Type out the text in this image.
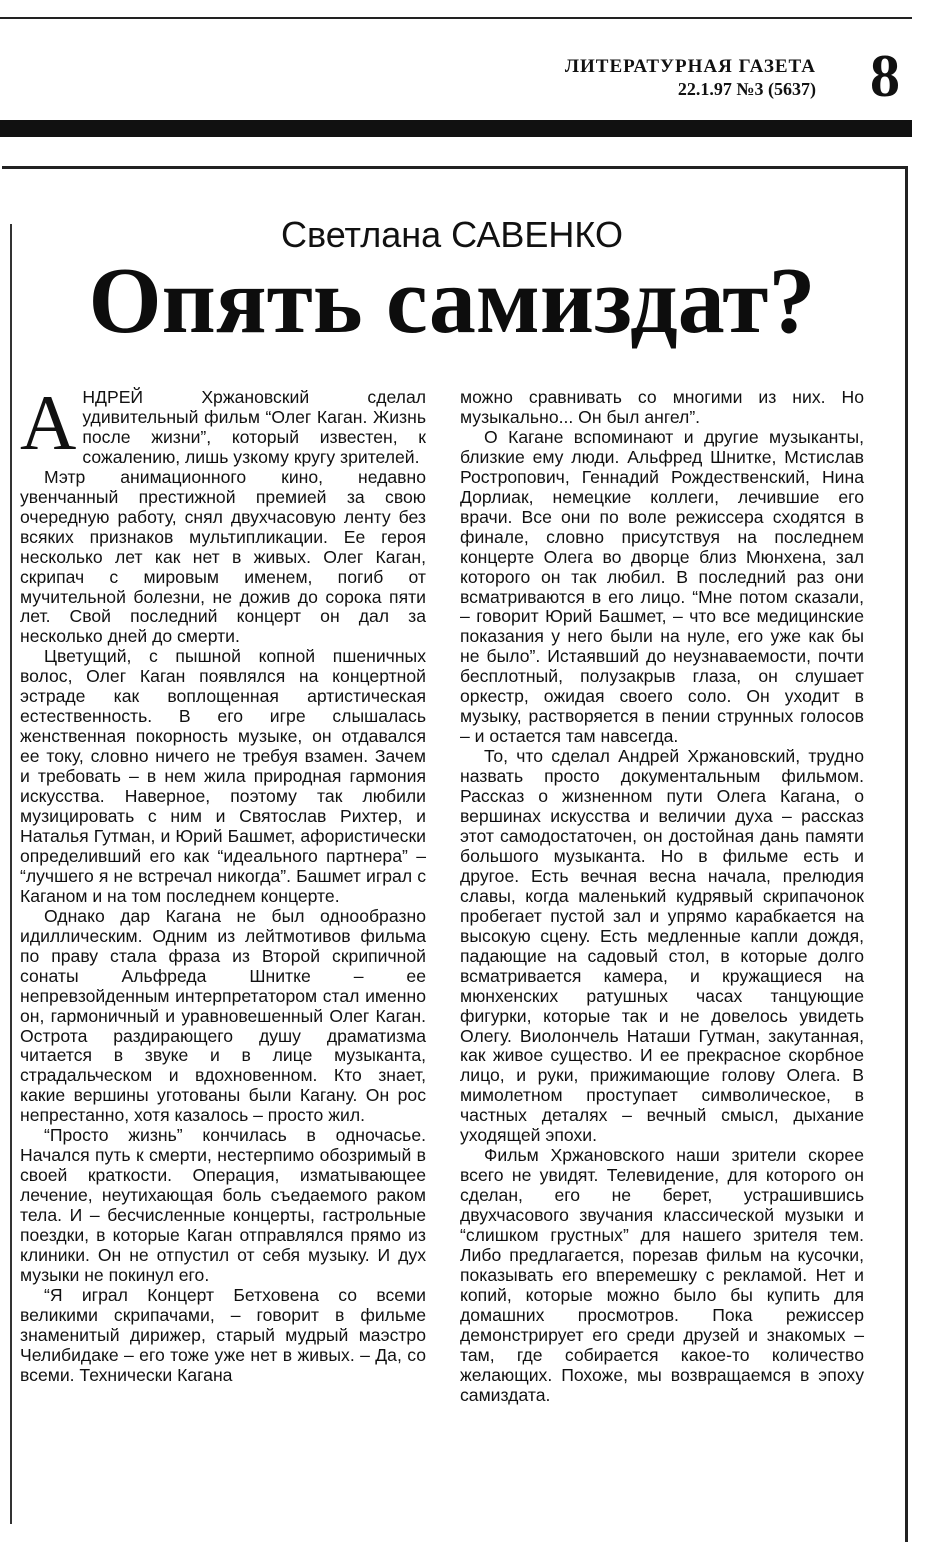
ЛИТЕРАТУРНАЯ ГАЗЕТА
22.1.97 №3 (5637) 8
Светлана САВЕНКО
Опять самиздат?

АНДРЕЙ Хржановский сделал удивительный фильм “Олег Каган. Жизнь после жизни”, который известен, к сожалению, лишь узкому кругу зрителей.

Мэтр анимационного кино, недавно увенчанный престижной премией за свою очередную работу, снял двухчасовую ленту без всяких признаков мультипликации. Ее героя несколько лет как нет в живых. Олег Каган, скрипач с мировым именем, погиб от мучительной болезни, не дожив до сорока пяти лет. Свой последний концерт он дал за несколько дней до смерти.

Цветущий, с пышной копной пшеничных волос, Олег Каган появлялся на концертной эстраде как воплощенная артистическая естественность. В его игре слышалась женственная покорность музыке, он отдавался ее току, словно ничего не требуя взамен. Зачем и требовать – в нем жила природная гармония искусства. Наверное, поэтому так любили музицировать с ним и Святослав Рихтер, и Наталья Гутман, и Юрий Башмет, афористически определивший его как “идеального партнера” – “лучшего я не встречал никогда”. Башмет играл с Каганом и на том последнем концерте.

Однако дар Кагана не был однообразно идиллическим. Одним из лейтмотивов фильма по праву стала фраза из Второй скрипичной сонаты Альфреда Шнитке – ее непревзойденным интерпретатором стал именно он, гармоничный и уравновешенный Олег Каган. Острота раздирающего душу драматизма читается в звуке и в лице музыканта, страдальческом и вдохновенном. Кто знает, какие вершины уготованы были Кагану. Он рос непрестанно, хотя казалось – просто жил.

“Просто жизнь” кончилась в одночасье. Начался путь к смерти, нестерпимо обозримый в своей краткости. Операция, изматывающее лечение, неутихающая боль съедаемого раком тела. И – бесчисленные концерты, гастрольные поездки, в которые Каган отправлялся прямо из клиники. Он не отпустил от себя музыку. И дух музыки не покинул его.

“Я играл Концерт Бетховена со всеми великими скрипачами, – говорит в фильме знаменитый дирижер, старый мудрый маэстро Челибидаке – его тоже уже нет в живых. – Да, со всеми. Технически Кагана

можно сравнивать со многими из них. Но музыкально... Он был ангел”.

О Кагане вспоминают и другие музыканты, близкие ему люди. Альфред Шнитке, Мстислав Ростропович, Геннадий Рождественский, Нина Дорлиак, немецкие коллеги, лечившие его врачи. Все они по воле режиссера сходятся в финале, словно присутствуя на последнем концерте Олега во дворце близ Мюнхена, зал которого он так любил. В последний раз они всматриваются в его лицо. “Мне потом сказали, – говорит Юрий Башмет, – что все медицинские показания у него были на нуле, его уже как бы не было”. Истаявший до неузнаваемости, почти бесплотный, полузакрыв глаза, он слушает оркестр, ожидая своего соло. Он уходит в музыку, растворяется в пении струнных голосов – и остается там навсегда.

То, что сделал Андрей Хржановский, трудно назвать просто документальным фильмом. Рассказ о жизненном пути Олега Кагана, о вершинах искусства и величии духа – рассказ этот самодостаточен, он достойная дань памяти большого музыканта. Но в фильме есть и другое. Есть вечная весна начала, прелюдия славы, когда маленький кудрявый скрипачонок пробегает пустой зал и упрямо карабкается на высокую сцену. Есть медленные капли дождя, падающие на садовый стол, в которые долго всматривается камера, и кружащиеся на мюнхенских ратушных часах танцующие фигурки, которые так и не довелось увидеть Олегу. Виолончель Наташи Гутман, закутанная, как живое существо. И ее прекрасное скорбное лицо, и руки, прижимающие голову Олега. В мимолетном проступает символическое, в частных деталях – вечный смысл, дыхание уходящей эпохи.

Фильм Хржановского наши зрители скорее всего не увидят. Телевидение, для которого он сделан, его не берет, устрашившись двухчасового звучания классической музыки и “слишком грустных” для нашего зрителя тем. Либо предлагается, порезав фильм на кусочки, показывать его вперемешку с рекламой. Нет и копий, которые можно было бы купить для домашних просмотров. Пока режиссер демонстрирует его среди друзей и знакомых – там, где собирается какое-то количество желающих. Похоже, мы возвращаемся в эпоху самиздата.
